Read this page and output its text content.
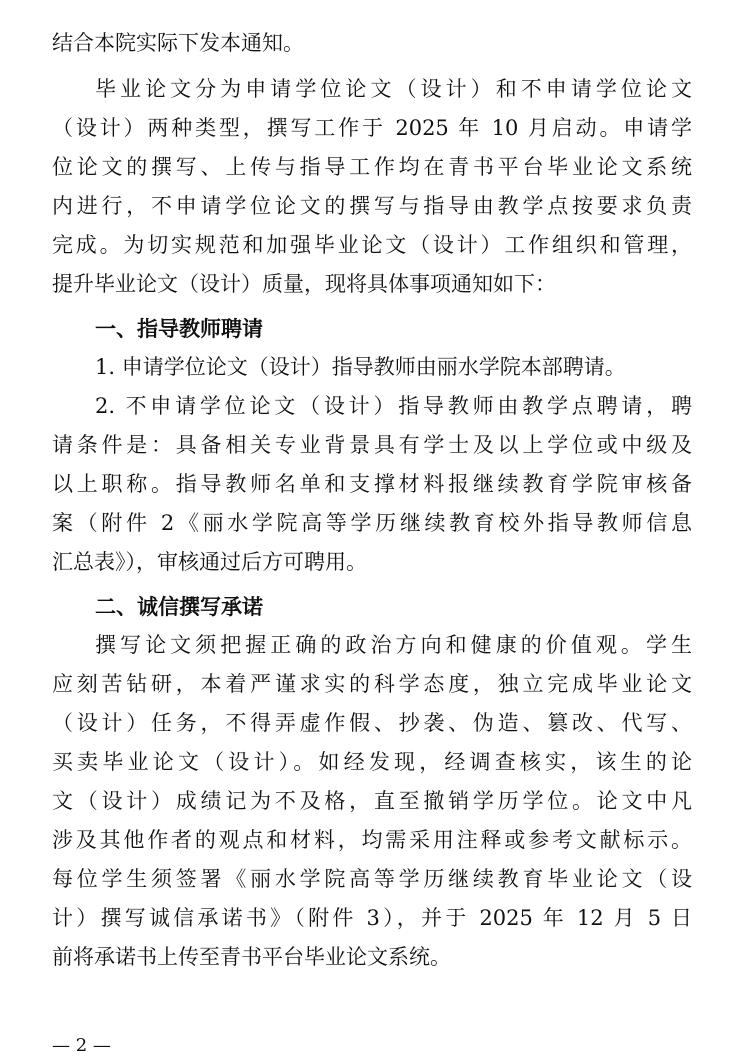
结合本院实际下发本通知。
毕业论文分为申请学位论文（设计）和不申请学位论文
（设计）两种类型，撰写工作于 2025 年 10 月启动。申请学
位论文的撰写、上传与指导工作均在青书平台毕业论文系统
内进行，不申请学位论文的撰写与指导由教学点按要求负责
完成。为切实规范和加强毕业论文（设计）工作组织和管理，
提升毕业论文（设计）质量，现将具体事项通知如下：
一、指导教师聘请
1. 申请学位论文（设计）指导教师由丽水学院本部聘请。
2. 不申请学位论文（设计）指导教师由教学点聘请，聘
请条件是：具备相关专业背景具有学士及以上学位或中级及
以上职称。指导教师名单和支撑材料报继续教育学院审核备
案（附件 2《丽水学院高等学历继续教育校外指导教师信息
汇总表》），审核通过后方可聘用。
二、诚信撰写承诺
撰写论文须把握正确的政治方向和健康的价值观。学生
应刻苦钻研，本着严谨求实的科学态度，独立完成毕业论文
（设计）任务，不得弄虚作假、抄袭、伪造、篡改、代写、
买卖毕业论文（设计）。如经发现，经调查核实，该生的论
文（设计）成绩记为不及格，直至撤销学历学位。论文中凡
涉及其他作者的观点和材料，均需采用注释或参考文献标示。
每位学生须签署《丽水学院高等学历继续教育毕业论文（设
计）撰写诚信承诺书》（附件 3），并于 2025 年 12 月 5 日
前将承诺书上传至青书平台毕业论文系统。
— 2 —
